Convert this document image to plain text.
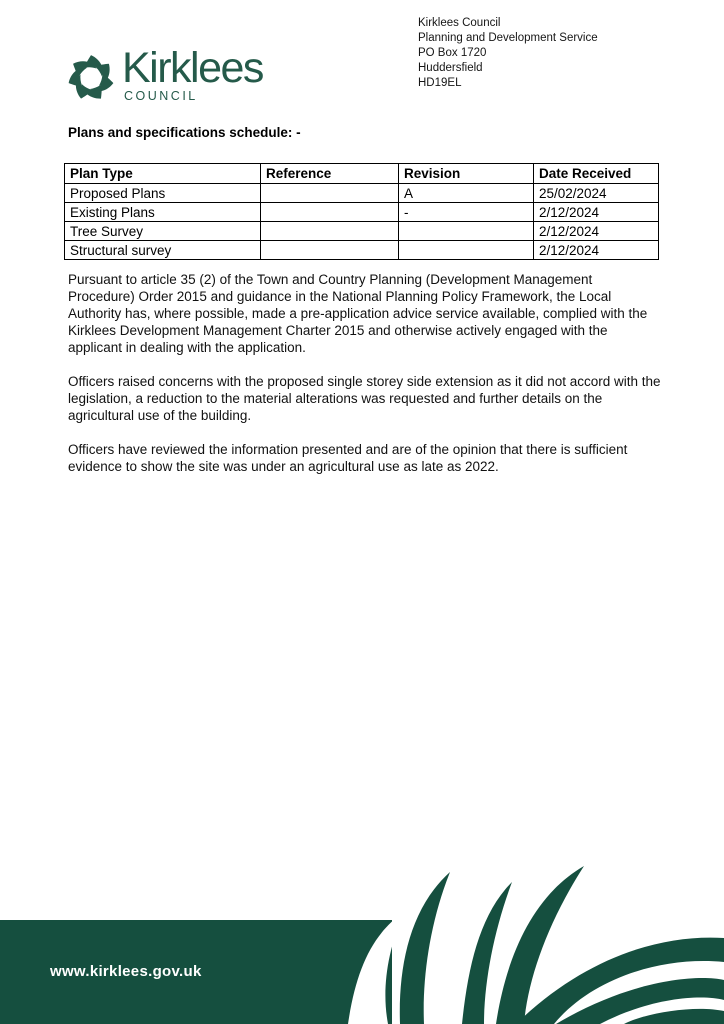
Kirklees
COUNCIL
Kirklees Council
Planning and Development Service
PO Box 1720
Huddersfield
HD19EL
Plans and specifications schedule: -
Plan Type	Reference	Revision	Date Received
Proposed Plans		A	25/02/2024
Existing Plans		-	2/12/2024
Tree Survey			2/12/2024
Structural survey			2/12/2024

Pursuant to article 35 (2) of the Town and Country Planning (Development Management Procedure) Order 2015 and guidance in the National Planning Policy Framework, the Local Authority has, where possible, made a pre-application advice service available, complied with the Kirklees Development Management Charter 2015 and otherwise actively engaged with the applicant in dealing with the application.

Officers raised concerns with the proposed single storey side extension as it did not accord with the legislation, a reduction to the material alterations was requested and further details on the agricultural use of the building.

Officers have reviewed the information presented and are of the opinion that there is sufficient evidence to show the site was under an agricultural use as late as 2022.

www.kirklees.gov.uk
